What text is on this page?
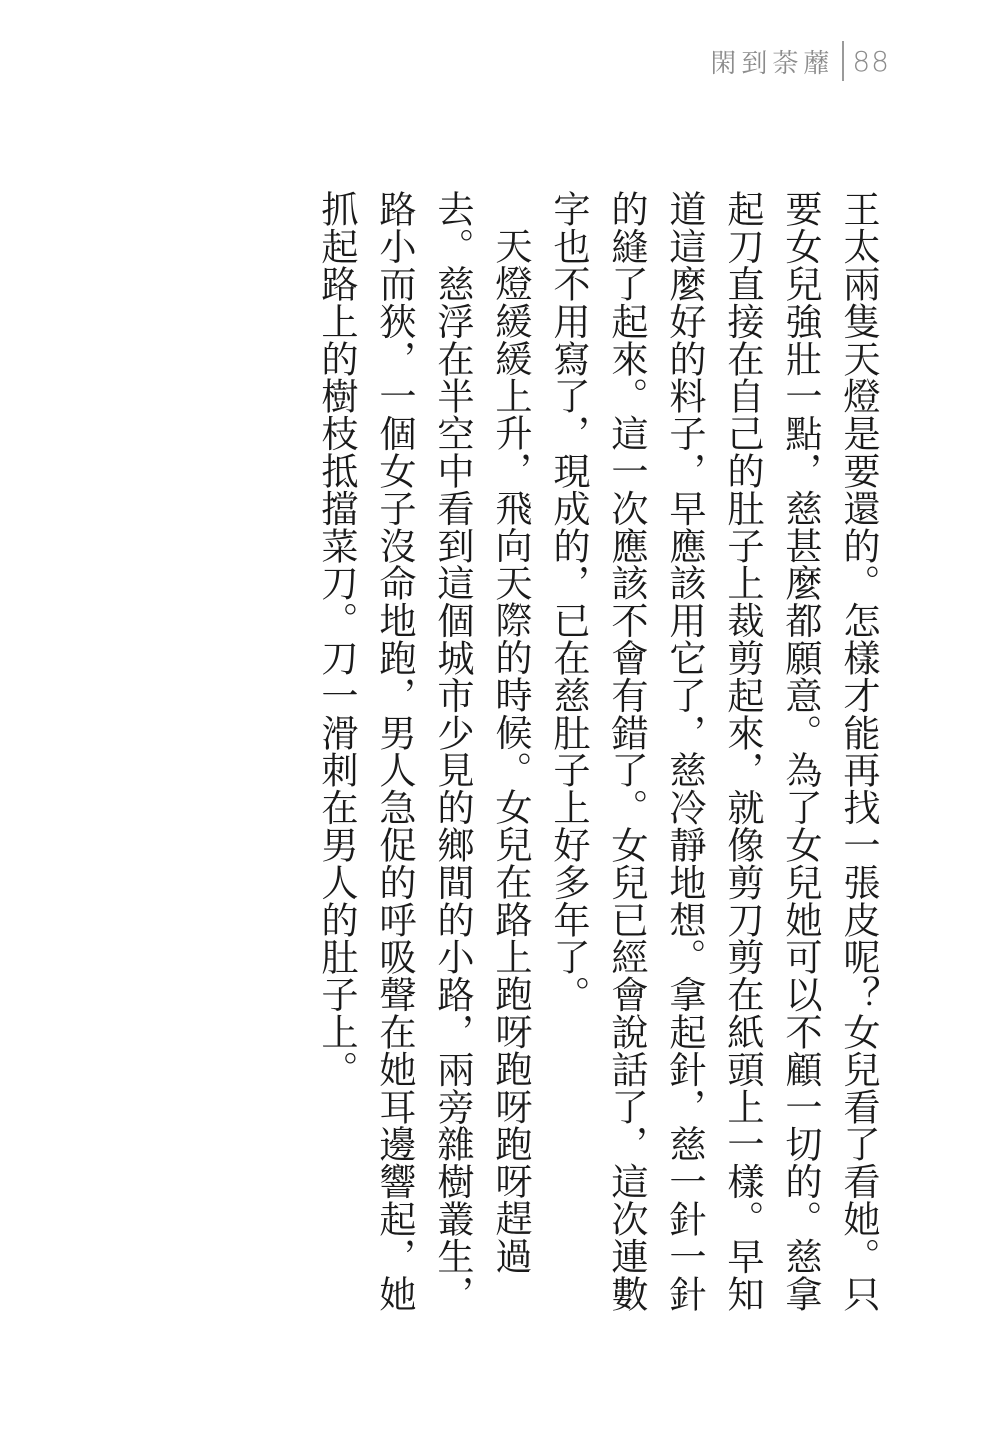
閑到荼蘼 88

王太兩隻天燈是要還的。怎樣才能再找一張皮呢？女兒看了看她。只要女兒強壯一點，慈甚麼都願意。為了女兒她可以不顧一切的。慈拿起刀直接在自己的肚子上裁剪起來，就像剪刀剪在紙頭上一樣。早知道這麼好的料子，早應該用它了，慈冷靜地想。拿起針，慈一針一針的縫了起來。這一次應該不會有錯了。女兒已經會說話了，這次連數字也不用寫了，現成的，已在慈肚子上好多年了。

天燈緩緩上升，飛向天際的時候。女兒在路上跑呀跑呀跑呀趕過去。慈浮在半空中看到這個城市少見的鄉間的小路，兩旁雜樹叢生，路小而狹，一個女子沒命地跑，男人急促的呼吸聲在她耳邊響起，她抓起路上的樹枝抵擋菜刀。刀一滑刺在男人的肚子上。
